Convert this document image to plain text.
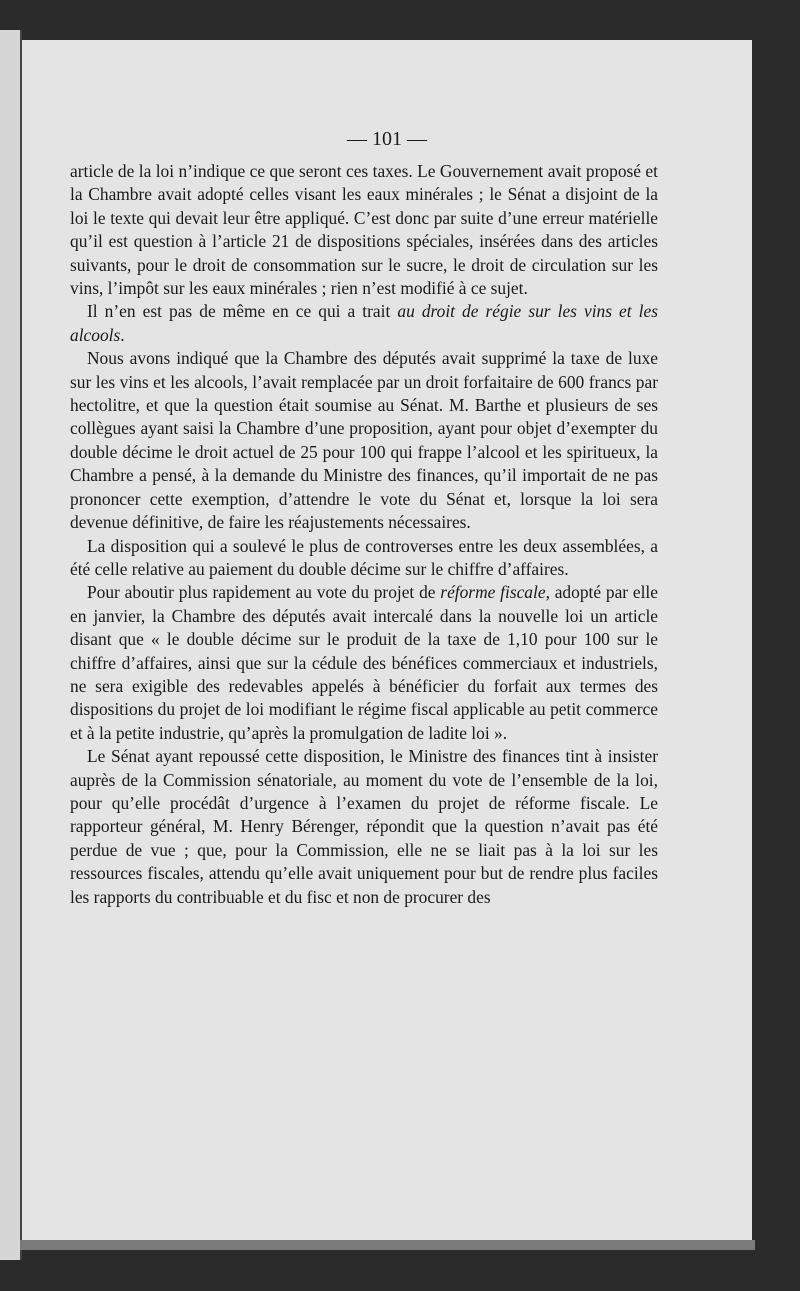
— 101 —

article de la loi n’indique ce que seront ces taxes. Le Gouvernement avait proposé et la Chambre avait adopté celles visant les eaux minérales ; le Sénat a disjoint de la loi le texte qui devait leur être appliqué. C’est donc par suite d’une erreur matérielle qu’il est question à l’article 21 de dispositions spéciales, insérées dans des articles suivants, pour le droit de consommation sur le sucre, le droit de circulation sur les vins, l’impôt sur les eaux minérales ; rien n’est modifié à ce sujet.

Il n’en est pas de même en ce qui a trait au droit de régie sur les vins et les alcools.

Nous avons indiqué que la Chambre des députés avait supprimé la taxe de luxe sur les vins et les alcools, l’avait remplacée par un droit forfaitaire de 600 francs par hectolitre, et que la question était soumise au Sénat. M. Barthe et plusieurs de ses collègues ayant saisi la Chambre d’une proposition, ayant pour objet d’exempter du double décime le droit actuel de 25 pour 100 qui frappe l’alcool et les spiritueux, la Chambre a pensé, à la demande du Ministre des finances, qu’il importait de ne pas prononcer cette exemption, d’attendre le vote du Sénat et, lorsque la loi sera devenue définitive, de faire les réajustements nécessaires.

La disposition qui a soulevé le plus de controverses entre les deux assemblées, a été celle relative au paiement du double décime sur le chiffre d’affaires.

Pour aboutir plus rapidement au vote du projet de réforme fiscale, adopté par elle en janvier, la Chambre des députés avait intercalé dans la nouvelle loi un article disant que « le double décime sur le produit de la taxe de 1,10 pour 100 sur le chiffre d’affaires, ainsi que sur la cédule des bénéfices commerciaux et industriels, ne sera exigible des redevables appelés à bénéficier du forfait aux termes des dispositions du projet de loi modifiant le régime fiscal applicable au petit commerce et à la petite industrie, qu’après la promulgation de ladite loi ».

Le Sénat ayant repoussé cette disposition, le Ministre des finances tint à insister auprès de la Commission sénatoriale, au moment du vote de l’ensemble de la loi, pour qu’elle procédât d’urgence à l’examen du projet de réforme fiscale. Le rapporteur général, M. Henry Bérenger, répondit que la question n’avait pas été perdue de vue ; que, pour la Commission, elle ne se liait pas à la loi sur les ressources fiscales, attendu qu’elle avait uniquement pour but de rendre plus faciles les rapports du contribuable et du fisc et non de procurer des
